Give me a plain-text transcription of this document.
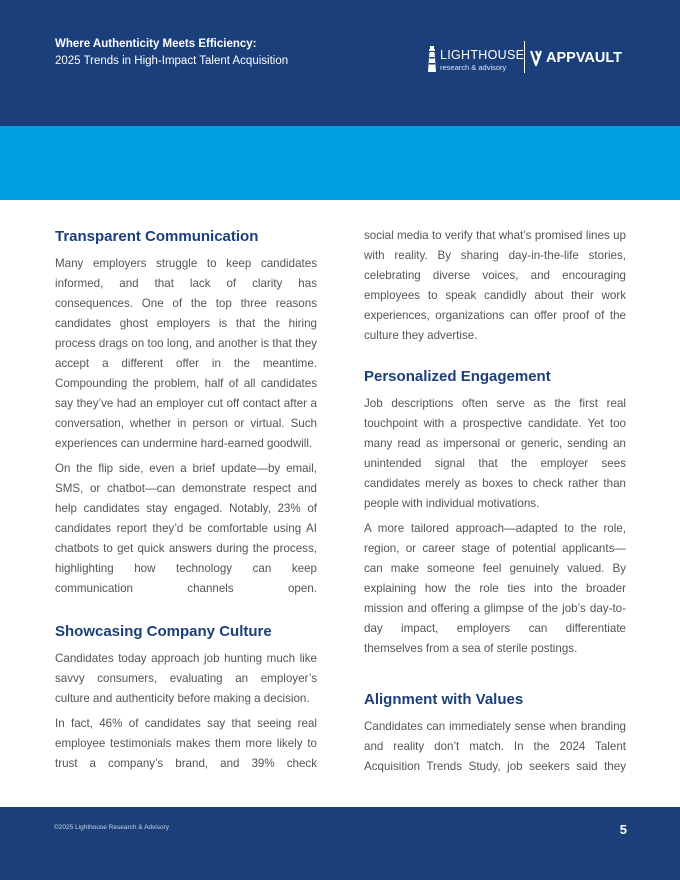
Where Authenticity Meets Efficiency:
2025 Trends in High-Impact Talent Acquisition	LIGHTHOUSE
research & advisory
APPVAULT
Transparent Communication

Many employers struggle to keep candidates informed, and that lack of clarity has consequences. One of the top three reasons candidates ghost employers is that the hiring process drags on too long, and another is that they accept a different offer in the meantime. Compounding the problem, half of all candidates say they’ve had an employer cut off contact after a conversation, whether in person or virtual. Such experiences can undermine hard-earned goodwill.

On the flip side, even a brief update—by email, SMS, or chatbot—can demonstrate respect and help candidates stay engaged. Notably, 23% of candidates report they’d be comfortable using AI chatbots to get quick answers during the process, highlighting how technology can keep communication channels open.

Showcasing Company Culture

Candidates today approach job hunting much like savvy consumers, evaluating an employer’s culture and authenticity before making a decision.

In fact, 46% of candidates say that seeing real employee testimonials makes them more likely to trust a company’s brand, and 39% check

social media to verify that what’s promised lines up with reality. By sharing day-in-the-life stories, celebrating diverse voices, and encouraging employees to speak candidly about their work experiences, organizations can offer proof of the culture they advertise.

Personalized Engagement

Job descriptions often serve as the first real touchpoint with a prospective candidate. Yet too many read as impersonal or generic, sending an unintended signal that the employer sees candidates merely as boxes to check rather than people with individual motivations.

A more tailored approach—adapted to the role, region, or career stage of potential applicants—can make someone feel genuinely valued. By explaining how the role ties into the broader mission and offering a glimpse of the job’s day-to-day impact, employers can differentiate themselves from a sea of sterile postings.

Alignment with Values

Candidates can immediately sense when branding and reality don’t match. In the 2024 Talent Acquisition Trends Study, job seekers said they

©2025 Lighthouse Research & Advisory	5
